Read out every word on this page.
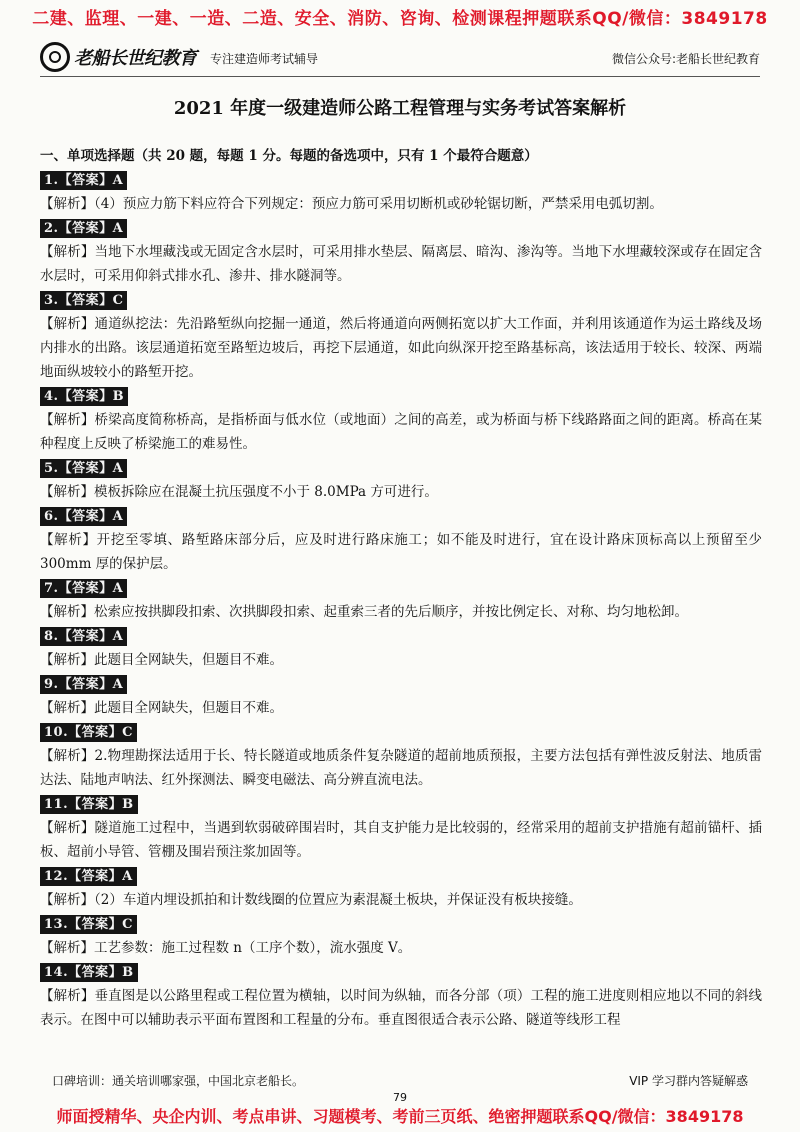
二建、监理、一建、一造、二造、安全、消防、咨询、检测课程押题联系QQ/微信：3849178
老船长世纪教育 专注建造师考试辅导	微信公众号:老船长世纪教育
2021 年度一级建造师公路工程管理与实务考试答案解析
一、单项选择题（共 20 题，每题 1 分。每题的备选项中，只有 1 个最符合题意）
1.【答案】A
【解析】（4）预应力筋下料应符合下列规定：预应力筋可采用切断机或砂轮锯切断，严禁采用电弧切割。
2.【答案】A
【解析】当地下水埋藏浅或无固定含水层时，可采用排水垫层、隔离层、暗沟、渗沟等。当地下水埋藏较深或存在固定含水层时，可采用仰斜式排水孔、渗井、排水隧洞等。
3.【答案】C
【解析】通道纵挖法：先沿路堑纵向挖掘一通道，然后将通道向两侧拓宽以扩大工作面，并利用该通道作为运土路线及场内排水的出路。该层通道拓宽至路堑边坡后，再挖下层通道，如此向纵深开挖至路基标高，该法适用于较长、较深、两端地面纵坡较小的路堑开挖。
4.【答案】B
【解析】桥梁高度简称桥高，是指桥面与低水位（或地面）之间的高差，或为桥面与桥下线路路面之间的距离。桥高在某种程度上反映了桥梁施工的难易性。
5.【答案】A
【解析】模板拆除应在混凝土抗压强度不小于 8.0MPa 方可进行。
6.【答案】A
【解析】开挖至零填、路堑路床部分后，应及时进行路床施工；如不能及时进行，宜在设计路床顶标高以上预留至少 300mm 厚的保护层。
7.【答案】A
【解析】松索应按拱脚段扣索、次拱脚段扣索、起重索三者的先后顺序，并按比例定长、对称、均匀地松卸。
8.【答案】A
【解析】此题目全网缺失，但题目不难。
9.【答案】A
【解析】此题目全网缺失，但题目不难。
10.【答案】C
【解析】2.物理勘探法适用于长、特长隧道或地质条件复杂隧道的超前地质预报，主要方法包括有弹性波反射法、地质雷达法、陆地声呐法、红外探测法、瞬变电磁法、高分辨直流电法。
11.【答案】B
【解析】隧道施工过程中，当遇到软弱破碎围岩时，其自支护能力是比较弱的，经常采用的超前支护措施有超前锚杆、插板、超前小导管、管棚及围岩预注浆加固等。
12.【答案】A
【解析】（2）车道内埋设抓拍和计数线圈的位置应为素混凝土板块，并保证没有板块接缝。
13.【答案】C
【解析】工艺参数：施工过程数 n（工序个数），流水强度 V。
14.【答案】B
【解析】垂直图是以公路里程或工程位置为横轴，以时间为纵轴，而各分部（项）工程的施工进度则相应地以不同的斜线表示。在图中可以辅助表示平面布置图和工程量的分布。垂直图很适合表示公路、隧道等线形工程
口碑培训：通关培训哪家强，中国北京老船长。	VIP 学习群内答疑解惑
79
师面授精华、央企内训、考点串讲、习题模考、考前三页纸、绝密押题联系QQ/微信：3849178
